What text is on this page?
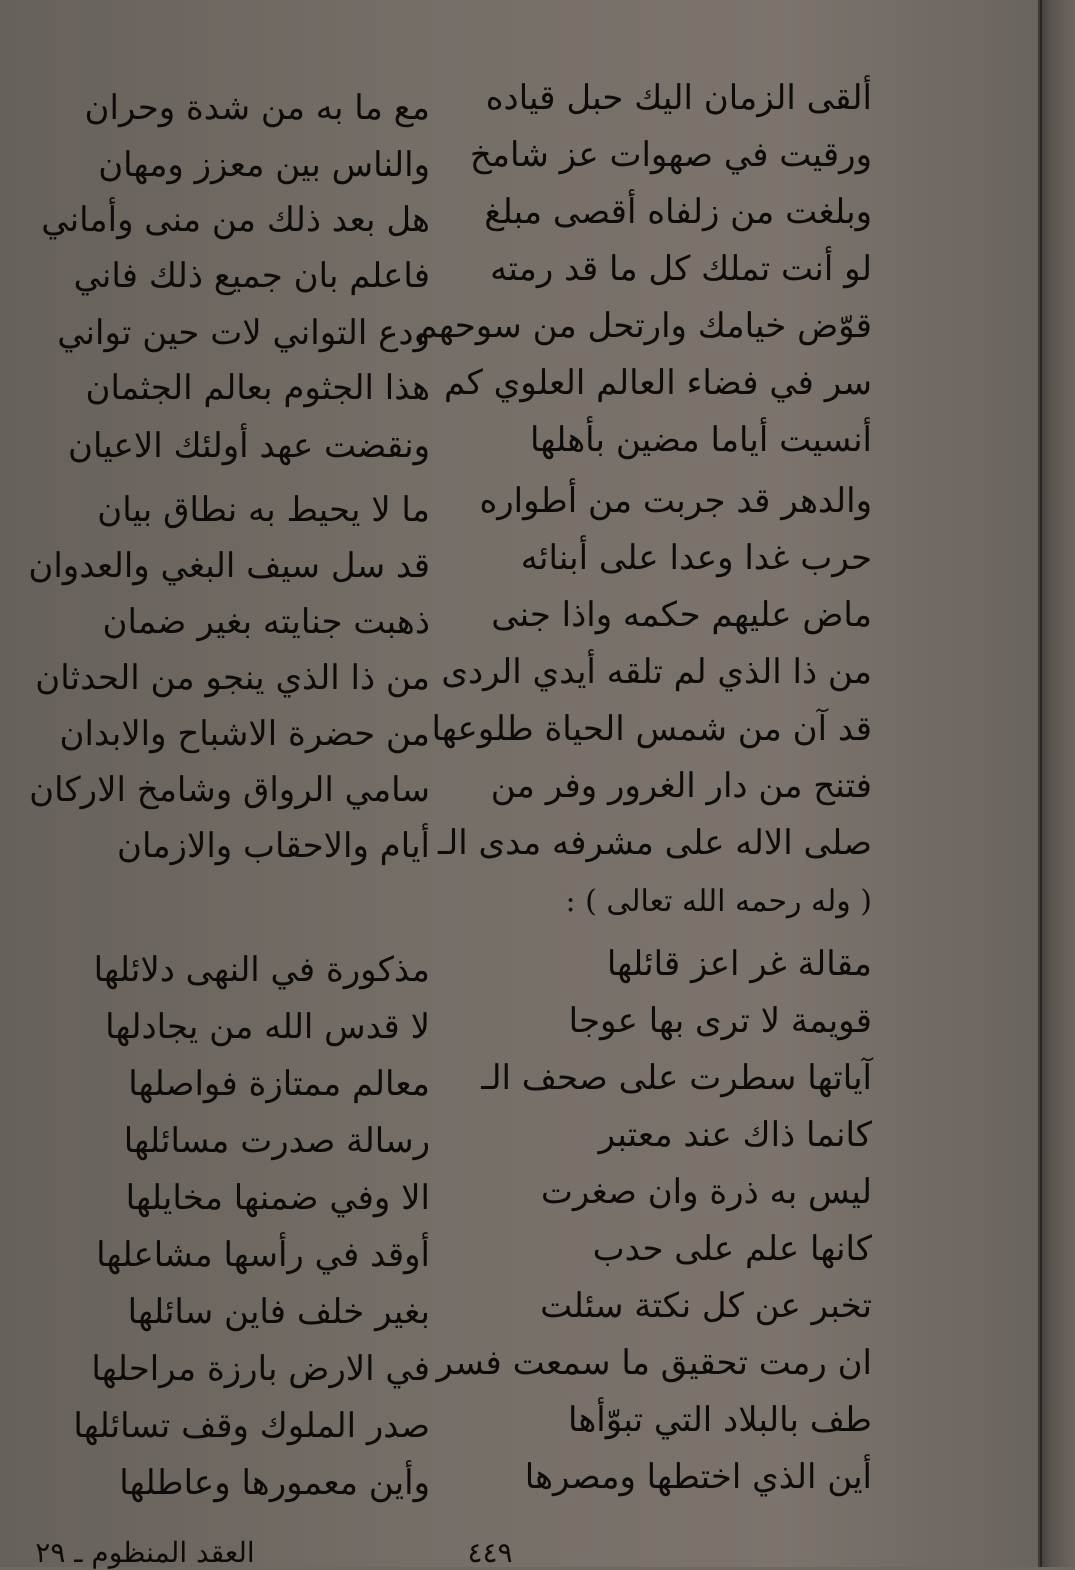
ألقى الزمان اليك حبل قياده
ورقيت في صهوات عز شامخ
وبلغت من زلفاه أقصى مبلغ
لو أنت تملك كل ما قد رمته
قوّض خيامك وارتحل من سوحهم
سر في فضاء العالم العلوي كم
أنسيت أياما مضين بأهلها
والدهر قد جربت من أطواره
حرب غدا وعدا على أبنائه
ماض عليهم حكمه واذا جنى
من ذا الذي لم تلقه أيدي الردى
قد آن من شمس الحياة طلوعها
فتنح من دار الغرور وفر من
صلى الاله على مشرفه مدى الـ
مع ما به من شدة وحران
والناس بين معزز ومهان
هل بعد ذلك من منى وأماني
فاعلم بان جميع ذلك فاني
ودع التواني لات حين تواني
هذا الجثوم بعالم الجثمان
ونقضت عهد أولئك الاعيان
ما لا يحيط به نطاق بيان
قد سل سيف البغي والعدوان
ذهبت جنايته بغير ضمان
من ذا الذي ينجو من الحدثان
من حضرة الاشباح والابدان
سامي الرواق وشامخ الاركان
أيام والاحقاب والازمان
( وله رحمه الله تعالى ) :
مقالة غر اعز قائلها
قويمة لا ترى بها عوجا
آياتها سطرت على صحف الـ
كانما ذاك عند معتبر
ليس به ذرة وان صغرت
كانها علم على حدب
تخبر عن كل نكتة سئلت
ان رمت تحقيق ما سمعت فسر
طف بالبلاد التي تبوّأها
أين الذي اختطها ومصرها
مذكورة في النهى دلائلها
لا قدس الله من يجادلها
معالم ممتازة فواصلها
رسالة صدرت مسائلها
الا وفي ضمنها مخايلها
أوقد في رأسها مشاعلها
بغير خلف فاين سائلها
في الارض بارزة مراحلها
صدر الملوك وقف تسائلها
وأين معمورها وعاطلها
٤٤٩
العقد المنظوم ـ ٢٩
